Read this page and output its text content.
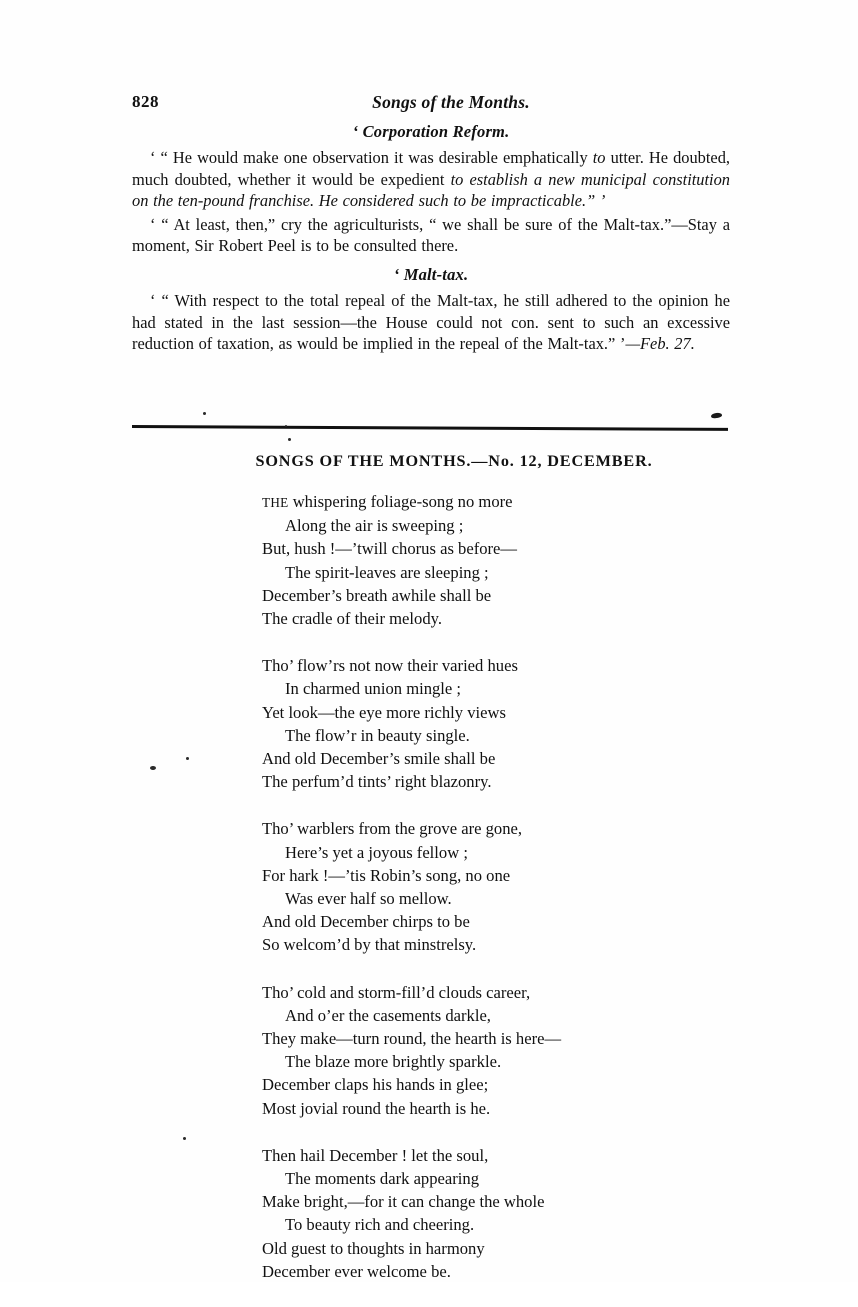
828	Songs of the Months.
‘ Corporation Reform.

‘ “ He would make one observation it was desirable emphatically to utter. He doubted, much doubted, whether it would be expedient to establish a new municipal constitution on the ten-pound franchise. He considered such to be impracticable.” ’

‘ “ At least, then,” cry the agriculturists, “ we shall be sure of the Malt-tax.”—Stay a moment, Sir Robert Peel is to be consulted there.

‘ Malt-tax.

‘ “ With respect to the total repeal of the Malt-tax, he still adhered to the opinion he had stated in the last session—the House could not con. sent to such an excessive reduction of taxation, as would be implied in the repeal of the Malt-tax.” ’—Feb. 27.

SONGS OF THE MONTHS.—No. 12, DECEMBER.
THE whispering foliage-song no more
Along the air is sweeping ;
But, hush !—’twill chorus as before—
The spirit-leaves are sleeping ;
December’s breath awhile shall be
The cradle of their melody.
Tho’ flow’rs not now their varied hues
In charmed union mingle ;
Yet look—the eye more richly views
The flow’r in beauty single.
And old December’s smile shall be
The perfum’d tints’ right blazonry.
Tho’ warblers from the grove are gone,
Here’s yet a joyous fellow ;
For hark !—’tis Robin’s song, no one
Was ever half so mellow.
And old December chirps to be
So welcom’d by that minstrelsy.
Tho’ cold and storm-fill’d clouds career,
And o’er the casements darkle,
They make—turn round, the hearth is here—
The blaze more brightly sparkle.
December claps his hands in glee;
Most jovial round the hearth is he.
Then hail December ! let the soul,
The moments dark appearing
Make bright,—for it can change the whole
To beauty rich and cheering.
Old guest to thoughts in harmony
December ever welcome be.
